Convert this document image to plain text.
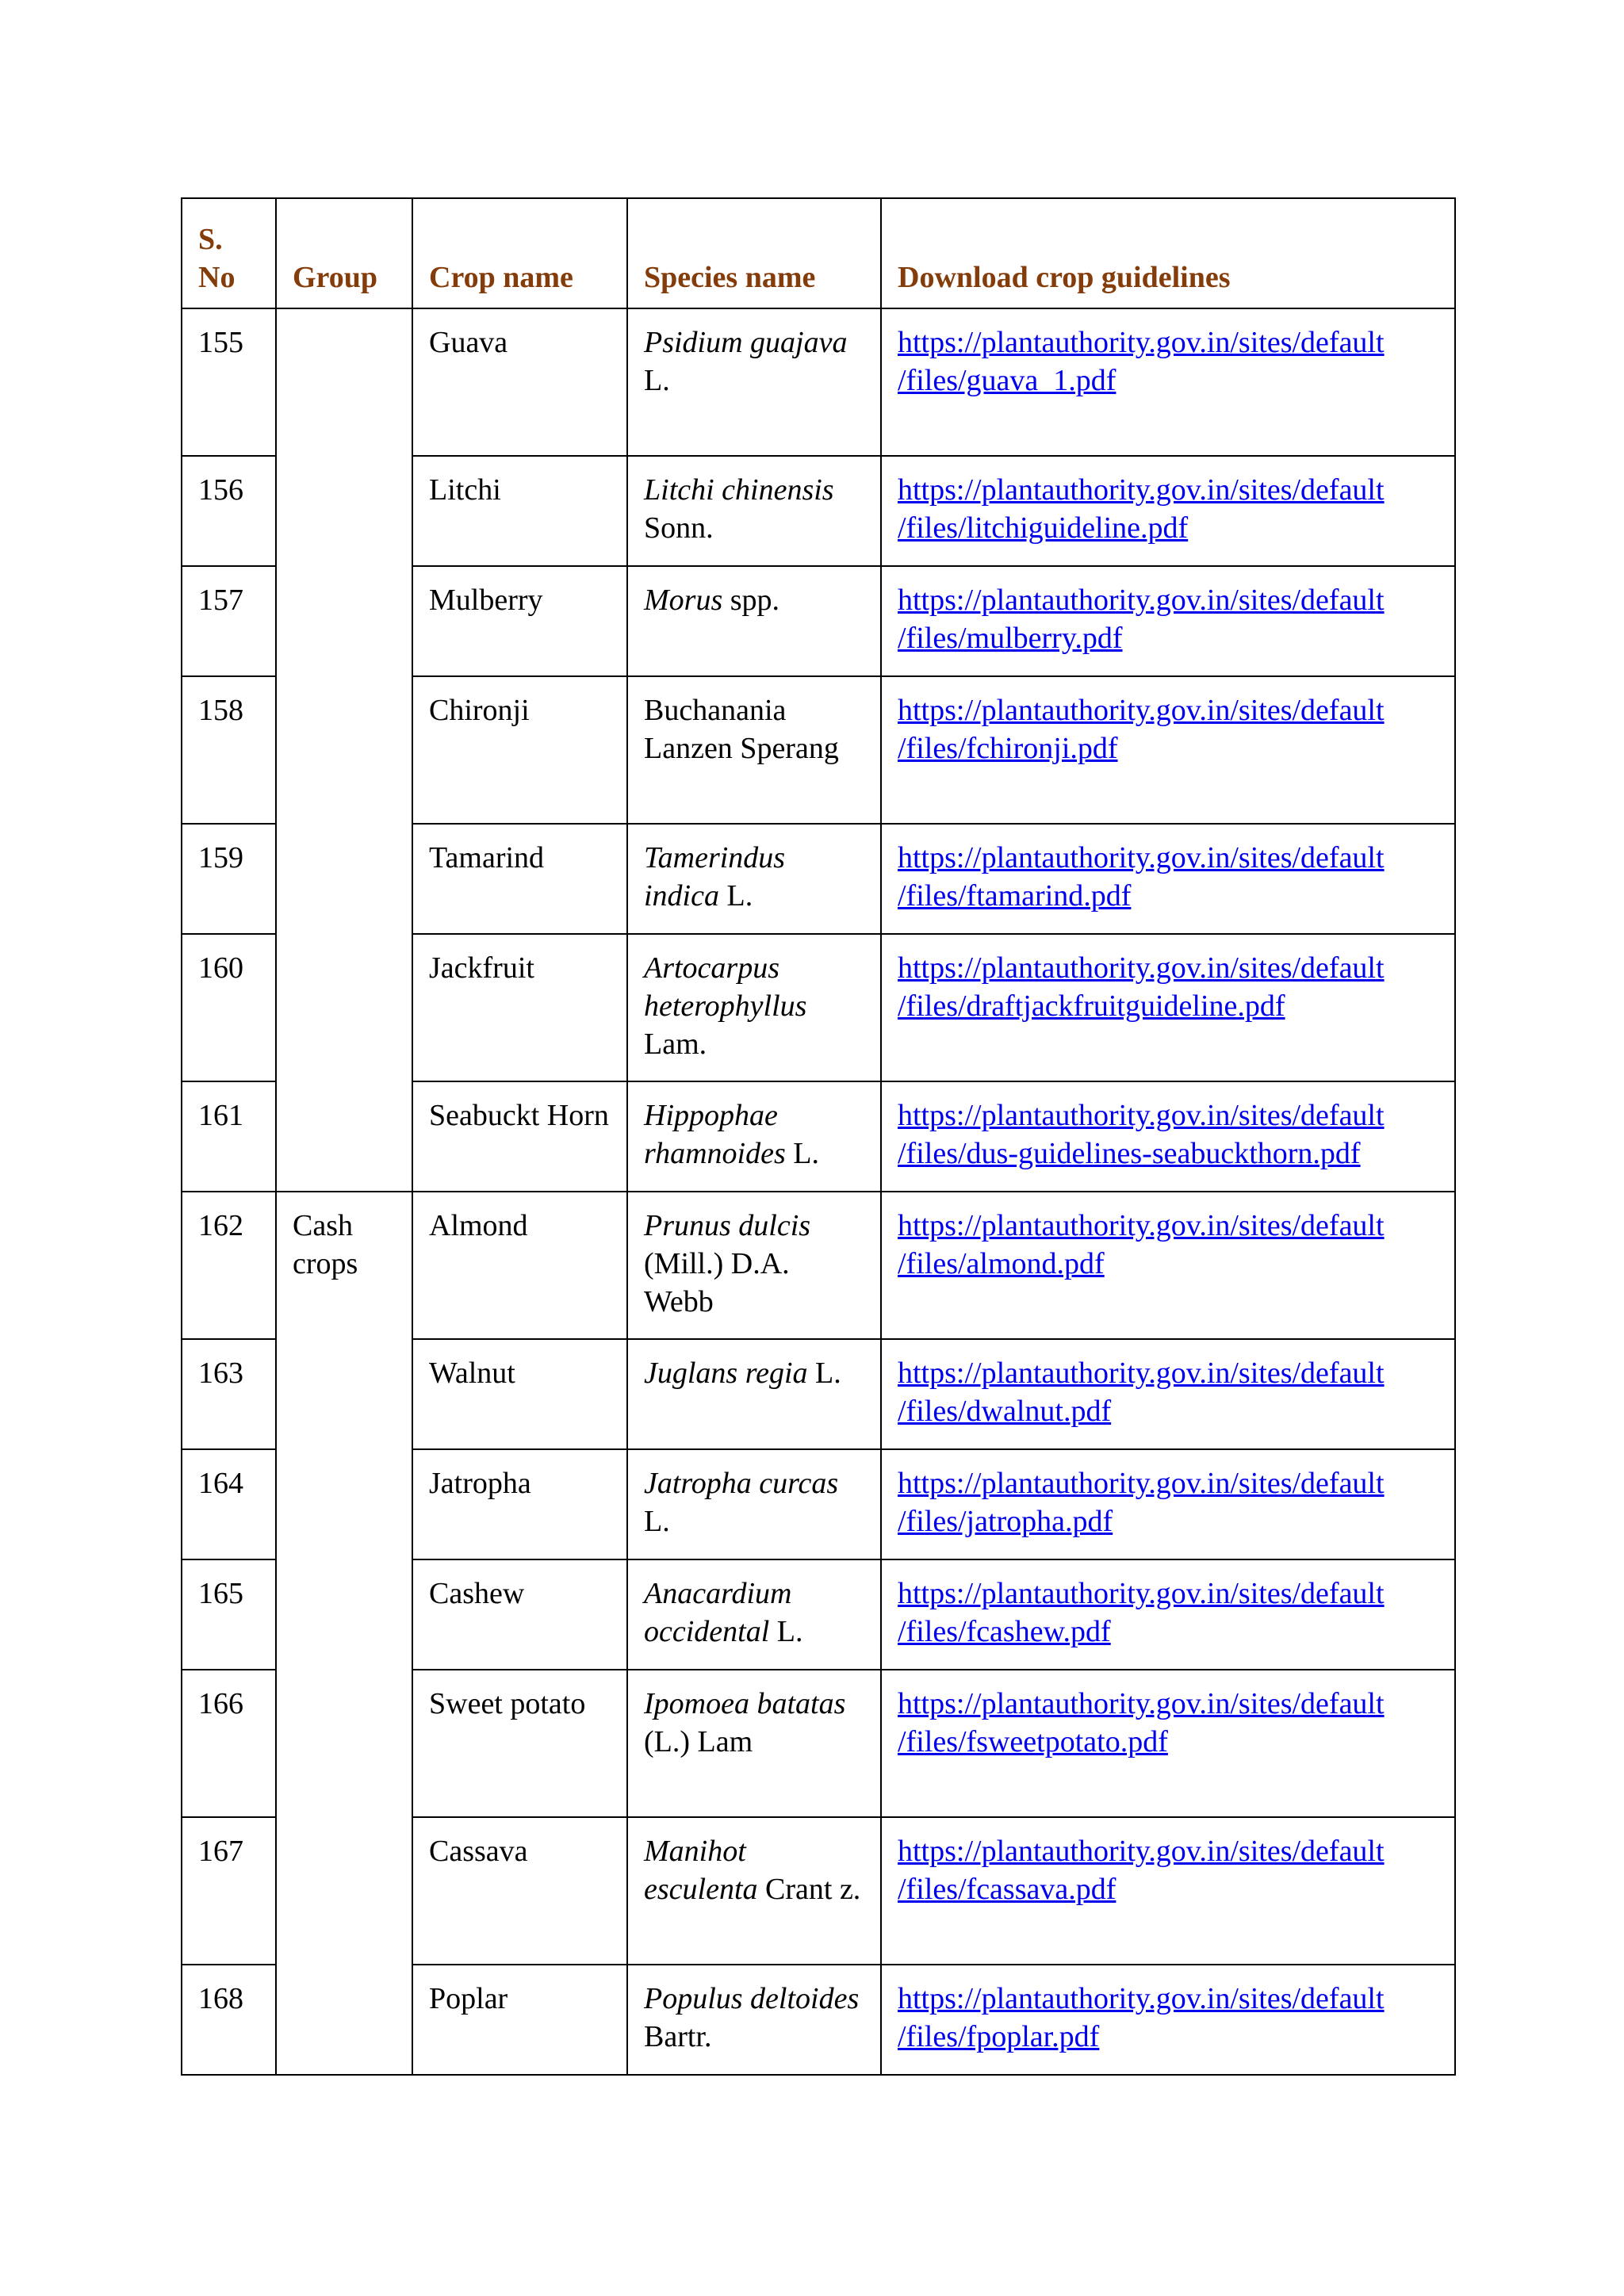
S.
No	Group	Crop name	Species name	Download crop guidelines
155		Guava	Psidium guajava L.	https://plantauthority.gov.in/sites/default
/files/guava_1.pdf

156		Litchi	Litchi chinensis Sonn.	https://plantauthority.gov.in/sites/default
/files/litchiguideline.pdf

157		Mulberry	Morus spp.	https://plantauthority.gov.in/sites/default
/files/mulberry.pdf

158		Chironji	Buchanania Lanzen Sperang	https://plantauthority.gov.in/sites/default
/files/fchironji.pdf

159		Tamarind	Tamerindus indica L.	https://plantauthority.gov.in/sites/default
/files/ftamarind.pdf

160		Jackfruit	Artocarpus heterophyllus Lam.	https://plantauthority.gov.in/sites/default
/files/draftjackfruitguideline.pdf

161		Seabuckt Horn	Hippophae rhamnoides L.	https://plantauthority.gov.in/sites/default
/files/dus-guidelines-seabuckthorn.pdf

162	Cash crops	Almond	Prunus dulcis (Mill.) D.A. Webb	https://plantauthority.gov.in/sites/default
/files/almond.pdf

163		Walnut	Juglans regia L.	https://plantauthority.gov.in/sites/default
/files/dwalnut.pdf

164		Jatropha	Jatropha curcas L.	https://plantauthority.gov.in/sites/default
/files/jatropha.pdf

165		Cashew	Anacardium occidental L.	https://plantauthority.gov.in/sites/default
/files/fcashew.pdf

166		Sweet potato	Ipomoea batatas (L.) Lam	https://plantauthority.gov.in/sites/default
/files/fsweetpotato.pdf

167		Cassava	Manihot esculenta Crant z.	https://plantauthority.gov.in/sites/default
/files/fcassava.pdf

168		Poplar	Populus deltoides Bartr.	https://plantauthority.gov.in/sites/default
/files/fpoplar.pdf
